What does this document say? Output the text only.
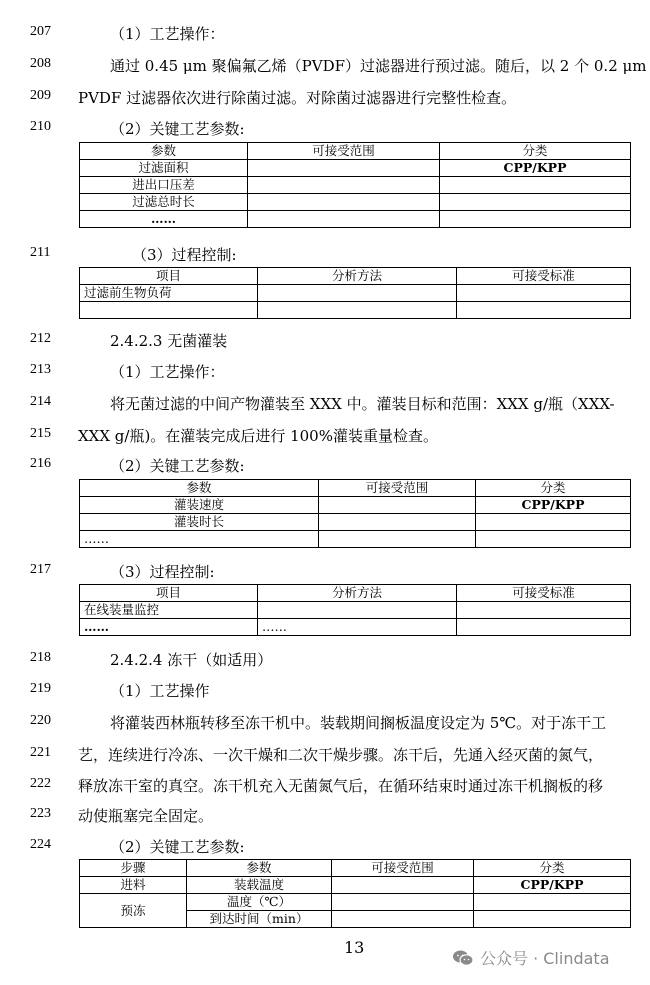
207	（1）工艺操作：
208	通过 0.45 μm 聚偏氟乙烯（PVDF）过滤器进行预过滤。随后，以 2 个 0.2 μm
209 PVDF 过滤器依次进行除菌过滤。对除菌过滤器进行完整性检查。
210	（2）关键工艺参数:
参数	可接受范围	分类
过滤面积		CPP/KPP
进出口压差		
过滤总时长		
……		
211	（3）过程控制:
项目	分析方法	可接受标准
过滤前生物负荷		

212	2.4.2.3 无菌灌装
213	（1）工艺操作：
214	将无菌过滤的中间产物灌装至 XXX 中。灌装目标和范围：XXX g/瓶（XXX-
215 XXX g/瓶)。在灌装完成后进行 100%灌装重量检查。
216	（2）关键工艺参数:
参数	可接受范围	分类
灌装速度		CPP/KPP
灌装时长		
……		
217	（3）过程控制:
项目	分析方法	可接受标准
在线装量监控		
……	……	
218	2.4.2.4 冻干（如适用）
219	（1）工艺操作
220	将灌装西林瓶转移至冻干机中。装载期间搁板温度设定为 5℃。对于冻干工
221 艺，连续进行冷冻、一次干燥和二次干燥步骤。冻干后，先通入经灭菌的氮气，
222 释放冻干室的真空。冻干机充入无菌氮气后，在循环结束时通过冻干机搁板的移
223 动使瓶塞完全固定。
224	（2）关键工艺参数:
步骤	参数	可接受范围	分类
进料	装载温度		CPP/KPP
预冻	温度（℃）		
	到达时间（min）		
13
公众号 · Clindata
